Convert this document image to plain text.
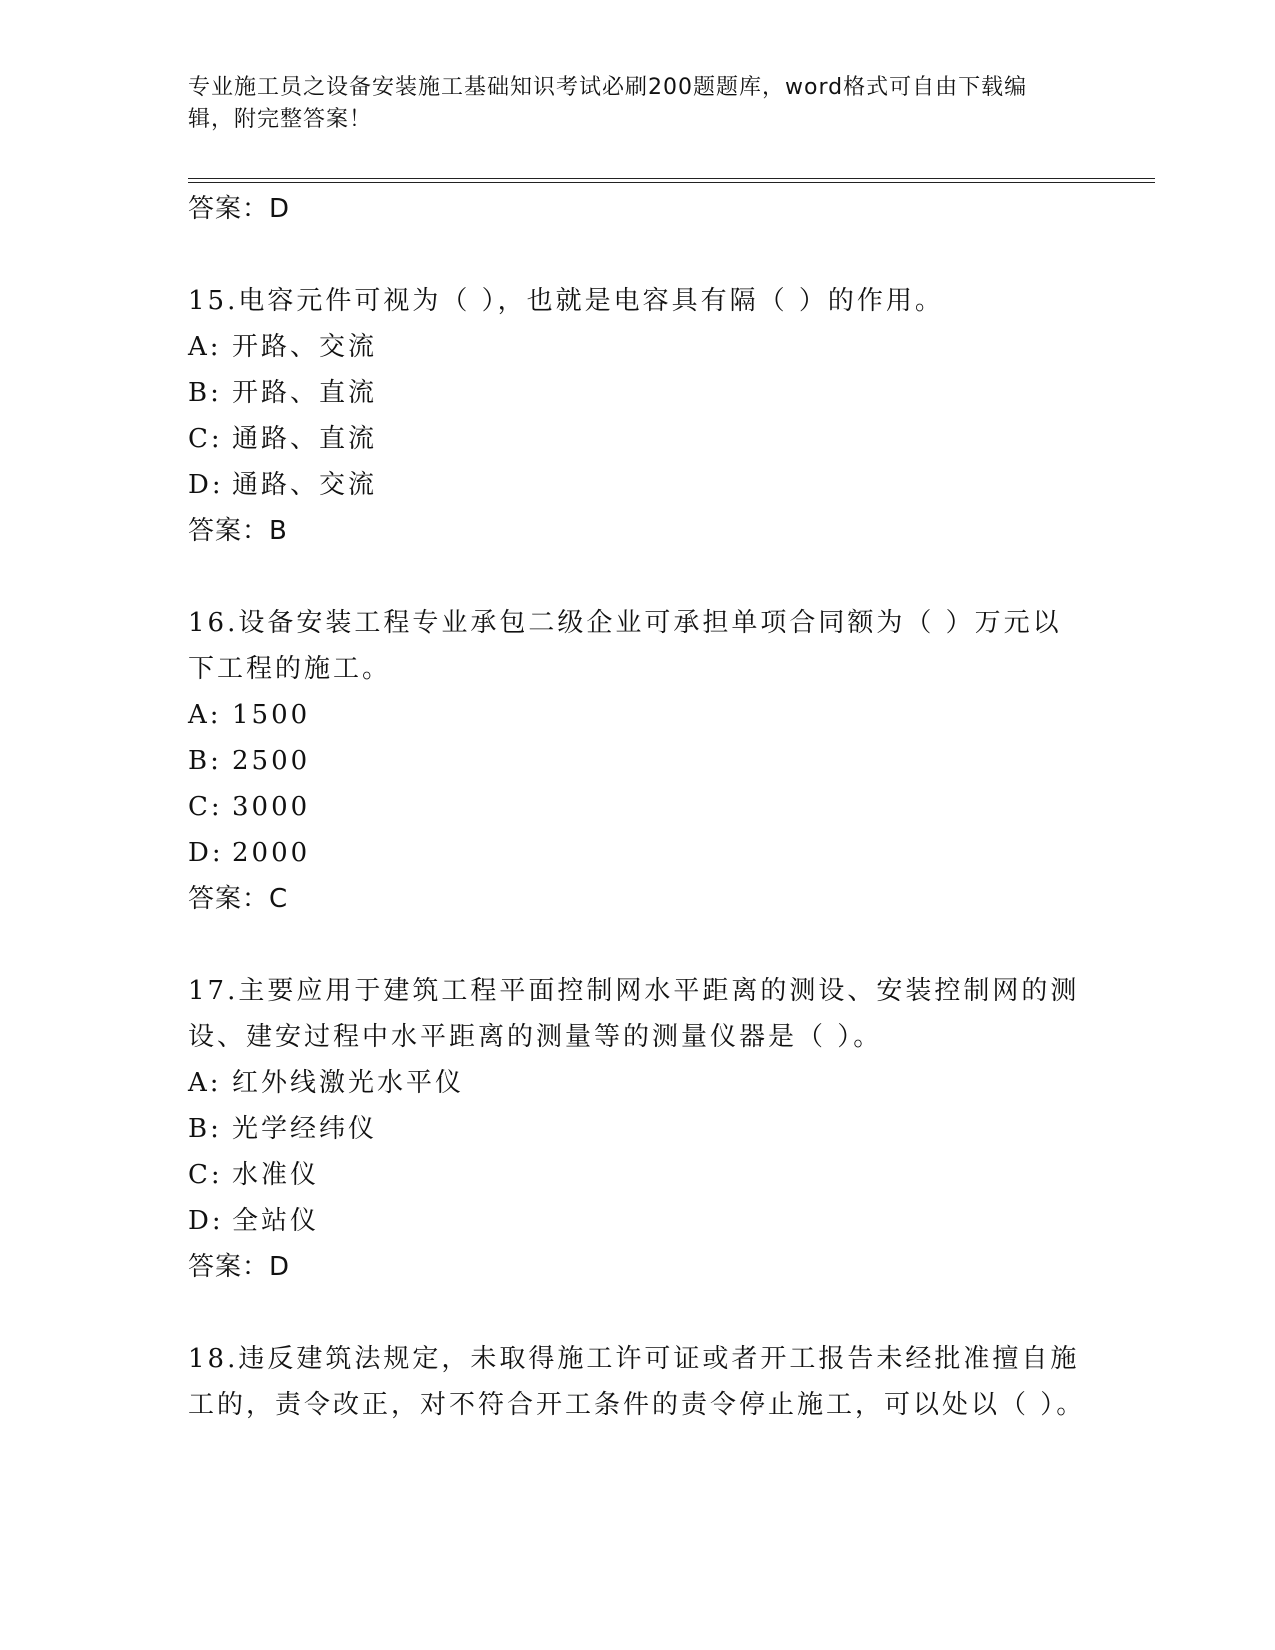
专业施工员之设备安装施工基础知识考试必刷200题题库，word格式可自由下载编辑，附完整答案！
答案：D
15.电容元件可视为（ ），也就是电容具有隔（ ）的作用。
A: 开路、交流
B: 开路、直流
C: 通路、直流
D: 通路、交流
答案：B
16.设备安装工程专业承包二级企业可承担单项合同额为（ ）万元以下工程的施工。
A: 1500
B: 2500
C: 3000
D: 2000
答案：C
17.主要应用于建筑工程平面控制网水平距离的测设、安装控制网的测设、建安过程中水平距离的测量等的测量仪器是（ ）。
A: 红外线激光水平仪
B: 光学经纬仪
C: 水准仪
D: 全站仪
答案：D
18.违反建筑法规定，未取得施工许可证或者开工报告未经批准擅自施工的，责令改正，对不符合开工条件的责令停止施工，可以处以（ ）。
